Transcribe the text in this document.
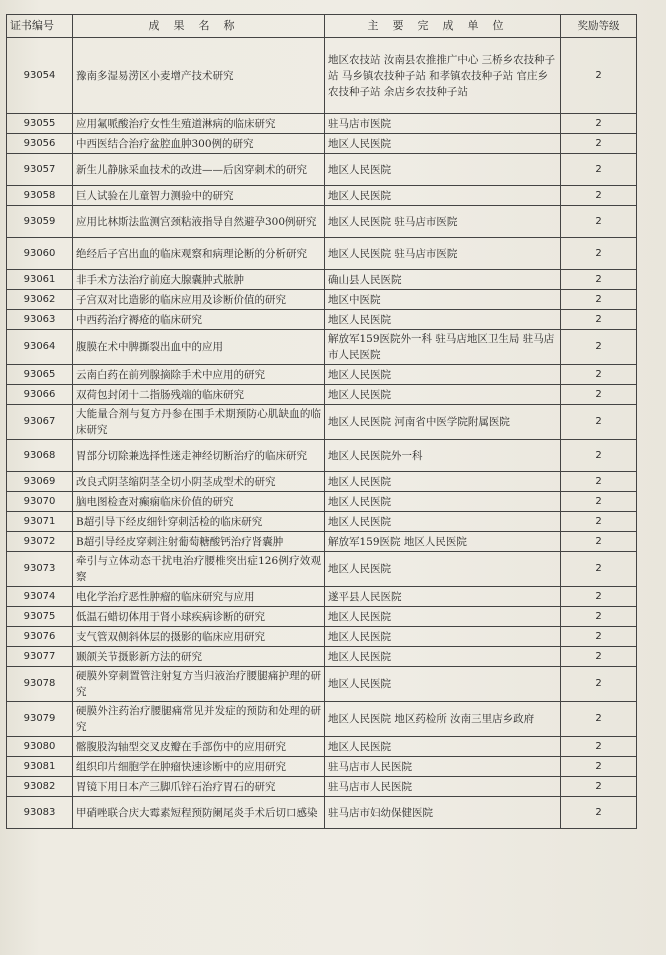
证书编号	成果名称	主要完成单位	奖励等级
93054	豫南多湿易涝区小麦增产技术研究	地区农技站 汝南县农推推广中心 三桥乡农技种子站 马乡镇农技种子站 和孝镇农技种子站 官庄乡农技种子站 余店乡农技种子站	2
93055	应用氟哌酸治疗女性生殖道淋病的临床研究	驻马店市医院	2
93056	中西医结合治疗盆腔血肿300例的研究	地区人民医院	2
93057	新生儿静脉采血技术的改进——后囟穿刺术的研究	地区人民医院	2
93058	巨人试验在儿童智力测验中的研究	地区人民医院	2
93059	应用比林斯法监测宫颈粘液指导自然避孕300例研究	地区人民医院 驻马店市医院	2
93060	绝经后子宫出血的临床观察和病理论断的分析研究	地区人民医院 驻马店市医院	2
93061	非手术方法治疗前庭大腺囊肿式脓肿	确山县人民医院	2
93062	子宫双对比造影的临床应用及诊断价值的研究	地区中医院	2
93063	中西药治疗褥疮的临床研究	地区人民医院	2
93064	腹膜在术中脾撕裂出血中的应用	解放军159医院外一科 驻马店地区卫生局 驻马店市人民医院	2
93065	云南白药在前列腺摘除手术中应用的研究	地区人民医院	2
93066	双荷包封闭十二指肠残端的临床研究	地区人民医院	2
93067	大能量合剂与复方丹参在围手术期预防心肌缺血的临床研究	地区人民医院 河南省中医学院附属医院	2
93068	胃部分切除兼选择性迷走神经切断治疗的临床研究	地区人民医院外一科	2
93069	改良式阴茎缩阴茎全切小阴茎成型术的研究	地区人民医院	2
93070	脑电图检查对癫痫临床价值的研究	地区人民医院	2
93071	B超引导下经皮细针穿刺活检的临床研究	地区人民医院	2
93072	B超引导经皮穿刺注射葡萄糖酸钙治疗肾囊肿	解放军159医院 地区人民医院	2
93073	牵引与立体动态干扰电治疗腰椎突出症126例疗效观察	地区人民医院	2
93074	电化学治疗恶性肿瘤的临床研究与应用	遂平县人民医院	2
93075	低温石蜡切体用于肾小球疾病诊断的研究	地区人民医院	2
93076	支气管双侧斜体层的摄影的临床应用研究	地区人民医院	2
93077	颞颌关节摄影新方法的研究	地区人民医院	2
93078	硬膜外穿刺置管注射复方当归液治疗腰腿痛护理的研究	地区人民医院	2
93079	硬膜外注药治疗腰腿痛常见并发症的预防和处理的研究	地区人民医院 地区药检所 汝南三里店乡政府	2
93080	髂腹股沟轴型交叉皮瓣在手部伤中的应用研究	地区人民医院	2
93081	组织印片细胞学在肿瘤快速诊断中的应用研究	驻马店市人民医院	2
93082	胃镜下用日本产三脚爪锌石治疗胃石的研究	驻马店市人民医院	2
93083	甲硝唑联合庆大霉素短程预防阑尾炎手术后切口感染	驻马店市妇幼保健医院	2
